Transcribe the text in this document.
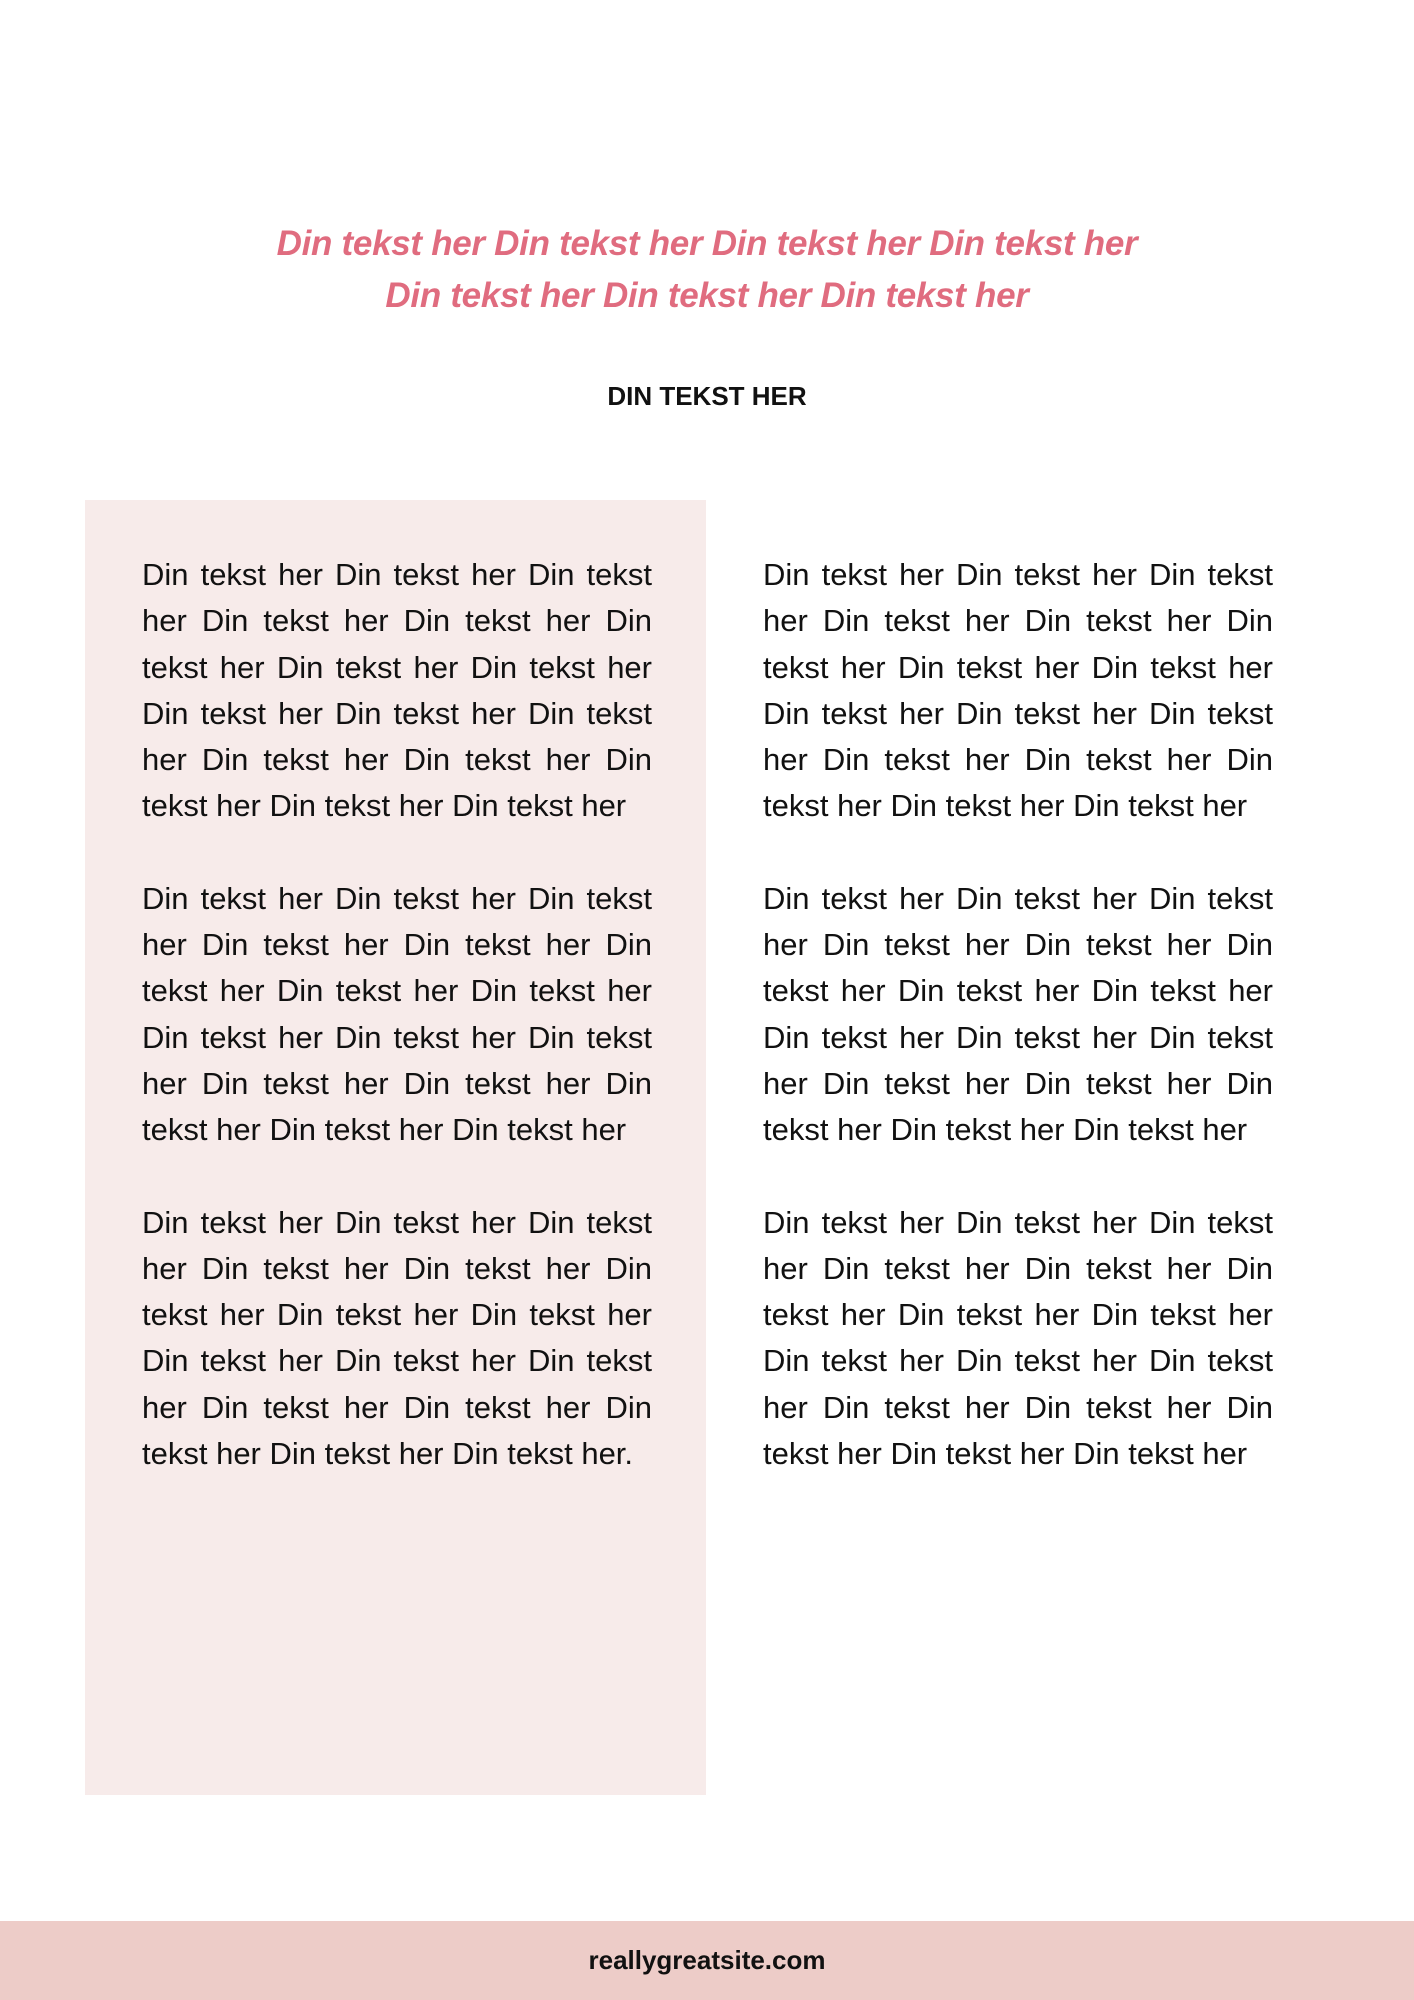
Din tekst her Din tekst her Din tekst her Din tekst her
Din tekst her Din tekst her Din tekst her
DIN TEKST HER

Din tekst her Din tekst her Din tekst her Din tekst her Din tekst her Din tekst her Din tekst her Din tekst her Din tekst her Din tekst her Din tekst her Din tekst her Din tekst her Din tekst her Din tekst her Din tekst her

Din tekst her Din tekst her Din tekst her Din tekst her Din tekst her Din tekst her Din tekst her Din tekst her Din tekst her Din tekst her Din tekst her Din tekst her Din tekst her Din tekst her Din tekst her Din tekst her

Din tekst her Din tekst her Din tekst her Din tekst her Din tekst her Din tekst her Din tekst her Din tekst her Din tekst her Din tekst her Din tekst her Din tekst her Din tekst her Din tekst her Din tekst her Din tekst her.

Din tekst her Din tekst her Din tekst her Din tekst her Din tekst her Din tekst her Din tekst her Din tekst her Din tekst her Din tekst her Din tekst her Din tekst her Din tekst her Din tekst her Din tekst her Din tekst her

Din tekst her Din tekst her Din tekst her Din tekst her Din tekst her Din tekst her Din tekst her Din tekst her Din tekst her Din tekst her Din tekst her Din tekst her Din tekst her Din tekst her Din tekst her Din tekst her

Din tekst her Din tekst her Din tekst her Din tekst her Din tekst her Din tekst her Din tekst her Din tekst her Din tekst her Din tekst her Din tekst her Din tekst her Din tekst her Din tekst her Din tekst her Din tekst her

reallygreatsite.com
